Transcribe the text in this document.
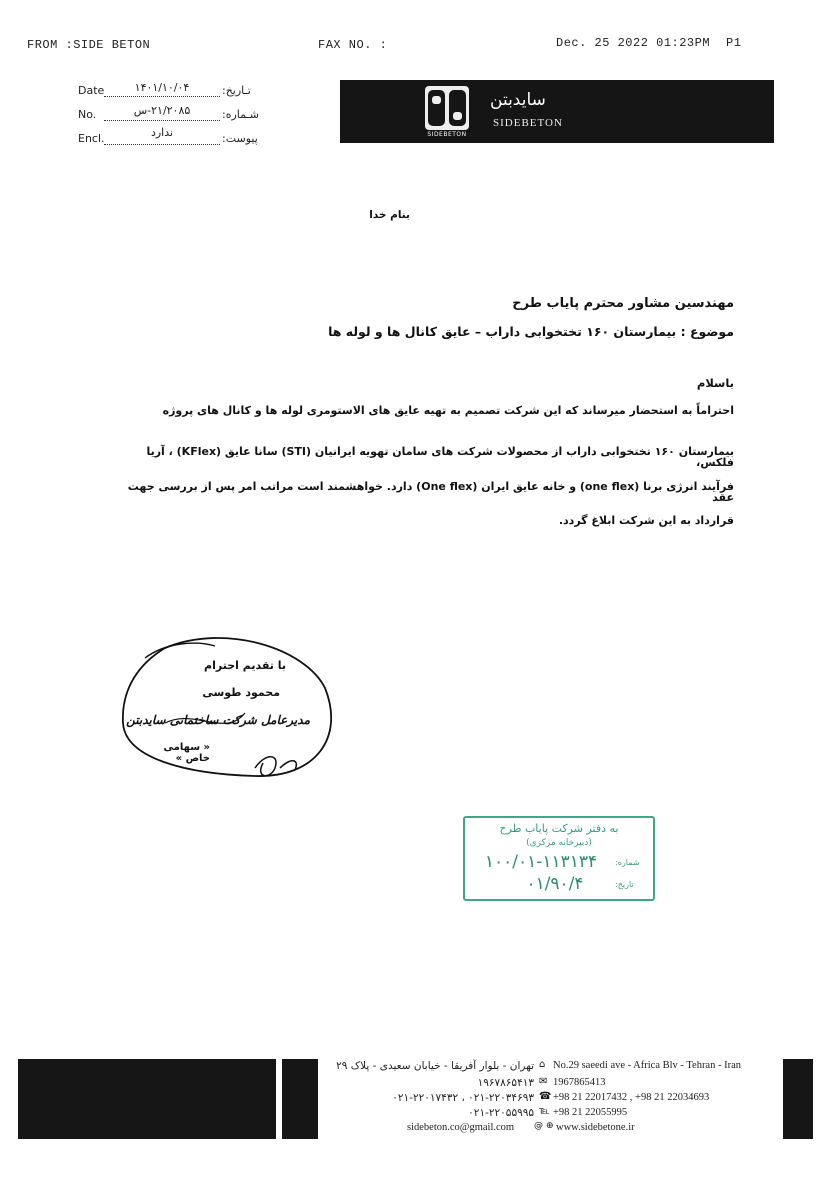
FROM :SIDE BETON	FAX NO. :	Dec. 25 2022 01:23PM P1
Date	۱۴۰۱/۱۰/۰۴	تـاریخ:
No.	۲۱/۲۰۸۵-س	شـماره:
Encl.	ندارد	پیوست:	SIDEBETON
سایدبتن
SIDEBETON
بنام خدا
مهندسین مشاور محترم پایاب طرح
موضوع : بیمارستان ۱۶۰ تختخوابی داراب – عایق کانال ها و لوله ها
باسلام
احتراماً به استحضار میرساند که این شرکت تصمیم به تهیه عایق های الاستومری لوله ها و کانال های پروژه
بیمارستان ۱۶۰ تختخوابی داراب از محصولات شرکت های سامان تهویه ایرانیان (STI) سانا عایق (KFlex) ، آریا فلکس،
فرآیند انرژی برنا (one flex) و خانه عایق ایران (One flex) دارد. خواهشمند است مراتب امر پس از بررسی جهت عقد
قرارداد به این شرکت ابلاغ گردد.
با تقدیم احترام
محمود طوسی
مدیرعامل شرکت ساختمانی سایدبتن
« سهامی خاص »
به دفتر شرکت پایاب طرح
(دبیرخانه مرکزی)
شماره:
۱۰۰/۰۱-۱۱۳۱۳۴
تاریخ:
۰۱/۹۰/۴
تهران - بلوار آفریقا - خیابان سعیدی - پلاک ۲۹ ⌂ No.29 saeedi ave - Africa Blv - Tehran - Iran
۱۹۶۷۸۶۵۴۱۳ ✉ 1967865413
۰۲۱-۲۲۰۱۷۴۳۲ ، ۰۲۱-۲۲۰۳۴۶۹۳ ☎ +98 21 22017432 , +98 21 22034693
۰۲۱-۲۲۰۵۵۹۹۵ ℡ +98 21 22055995
sidebeton.co@gmail.com @ ⊕ www.sidebetone.ir
